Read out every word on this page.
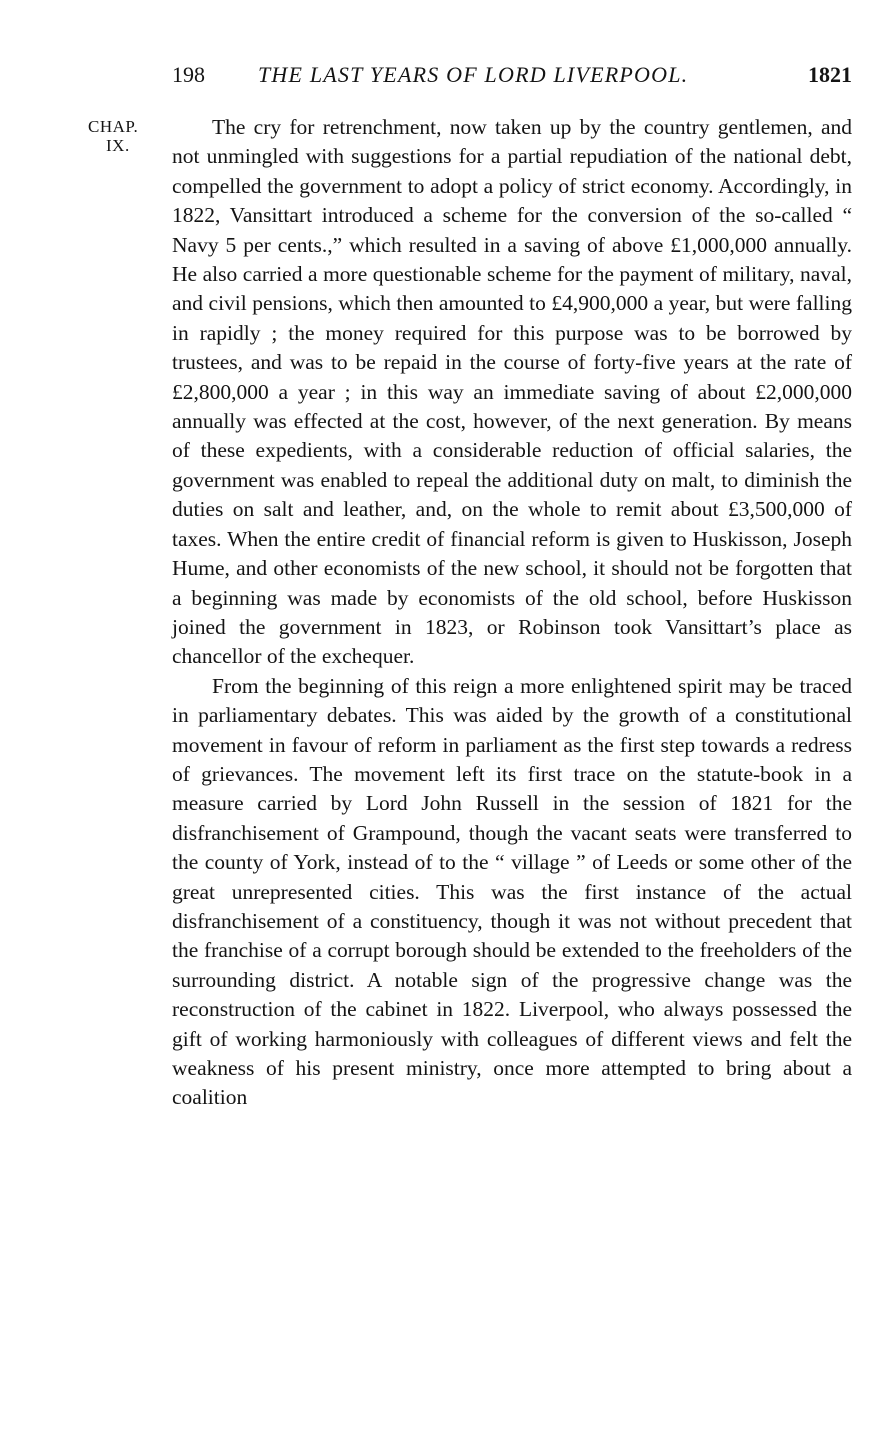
198 THE LAST YEARS OF LORD LIVERPOOL.	1821
CHAP.
IX.

The cry for retrenchment, now taken up by the country gentlemen, and not unmingled with suggestions for a partial repudiation of the national debt, compelled the government to adopt a policy of strict economy. Accordingly, in 1822, Vansittart introduced a scheme for the conversion of the so-called “ Navy 5 per cents.,” which resulted in a saving of above £1,000,000 annually. He also carried a more questionable scheme for the payment of military, naval, and civil pensions, which then amounted to £4,900,000 a year, but were falling in rapidly ; the money required for this purpose was to be borrowed by trustees, and was to be repaid in the course of forty-five years at the rate of £2,800,000 a year ; in this way an immediate saving of about £2,000,000 annually was effected at the cost, however, of the next generation. By means of these expedients, with a considerable reduction of official salaries, the government was enabled to repeal the additional duty on malt, to diminish the duties on salt and leather, and, on the whole to remit about £3,500,000 of taxes. When the entire credit of financial reform is given to Huskisson, Joseph Hume, and other economists of the new school, it should not be forgotten that a beginning was made by economists of the old school, before Huskisson joined the government in 1823, or Robinson took Vansittart’s place as chancellor of the exchequer.

From the beginning of this reign a more enlightened spirit may be traced in parliamentary debates. This was aided by the growth of a constitutional movement in favour of reform in parliament as the first step towards a redress of grievances. The movement left its first trace on the statute-book in a measure carried by Lord John Russell in the session of 1821 for the disfranchisement of Grampound, though the vacant seats were transferred to the county of York, instead of to the “ village ” of Leeds or some other of the great unrepresented cities. This was the first instance of the actual disfranchisement of a constituency, though it was not without precedent that the franchise of a corrupt borough should be extended to the freeholders of the surrounding district. A notable sign of the progressive change was the reconstruction of the cabinet in 1822. Liverpool, who always possessed the gift of working harmoniously with colleagues of different views and felt the weakness of his present ministry, once more attempted to bring about a coalition
